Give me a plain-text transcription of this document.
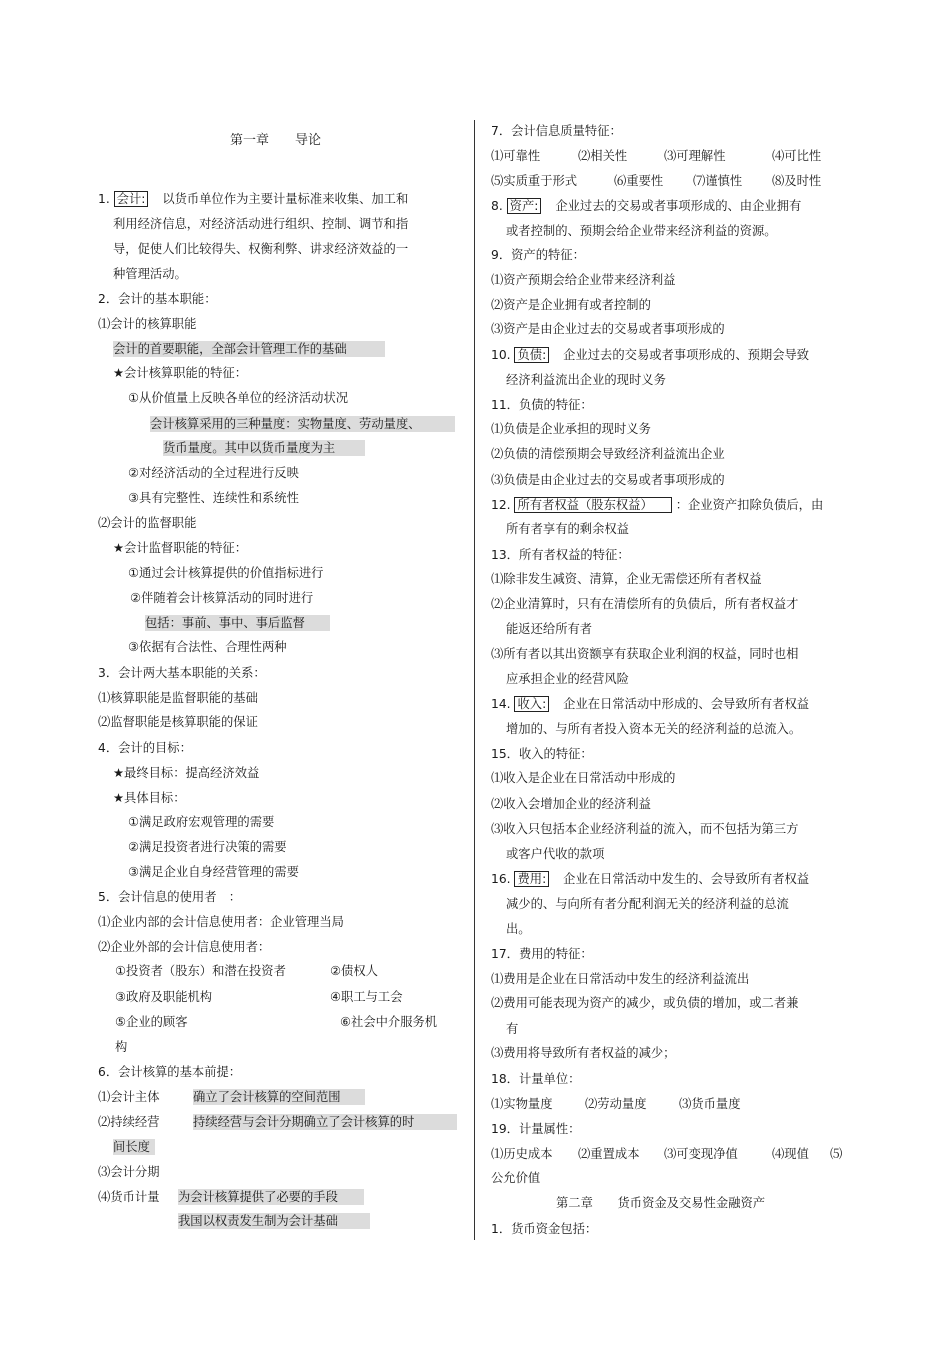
第一章　　导论
1. 会计: 以货币单位作为主要计量标准来收集、加工和
利用经济信息，对经济活动进行组织、控制、调节和指
导，促使人们比较得失、权衡利弊、讲求经济效益的一
种管理活动。
2．会计的基本职能：
⑴会计的核算职能
会计的首要职能，全部会计管理工作的基础
★会计核算职能的特征：
①从价值量上反映各单位的经济活动状况
会计核算采用的三种量度：实物量度、劳动量度、
货币量度。其中以货币量度为主
②对经济活动的全过程进行反映
③具有完整性、连续性和系统性
⑵会计的监督职能
★会计监督职能的特征：
①通过会计核算提供的价值指标进行
②伴随着会计核算活动的同时进行
包括：事前、事中、事后监督
③依据有合法性、合理性两种
3．会计两大基本职能的关系：
⑴核算职能是监督职能的基础
⑵监督职能是核算职能的保证
4．会计的目标：
★最终目标：提高经济效益
★具体目标：
①满足政府宏观管理的需要
②满足投资者进行决策的需要
③满足企业自身经营管理的需要
5．会计信息的使用者　：
⑴企业内部的会计信息使用者：企业管理当局
⑵企业外部的会计信息使用者：
①投资者（股东）和潜在投资者	②债权人
③政府及职能机构	④职工与工会
⑤企业的顾客	⑥社会中介服务机
构
6．会计核算的基本前提：
⑴会计主体	确立了会计核算的空间范围
⑵持续经营	持续经营与会计分期确立了会计核算的时
间长度
⑶会计分期
⑷货币计量 为会计核算提供了必要的手段
我国以权责发生制为会计基础
7．会计信息质量特征：
⑴可靠性	⑵相关性	⑶可理解性	⑷可比性
⑸实质重于形式	⑹重要性 ⑺谨慎性 ⑻及时性
8. 资产: 企业过去的交易或者事项形成的、由企业拥有
或者控制的、预期会给企业带来经济利益的资源。
9．资产的特征：
⑴资产预期会给企业带来经济利益
⑵资产是企业拥有或者控制的
⑶资产是由企业过去的交易或者事项形成的
10. 负债: 企业过去的交易或者事项形成的、预期会导致
经济利益流出企业的现时义务
11．负债的特征：
⑴负债是企业承担的现时义务
⑵负债的清偿预期会导致经济利益流出企业
⑶负债是由企业过去的交易或者事项形成的
12. 所有者权益（股东权益） ：企业资产扣除负债后，由
所有者享有的剩余权益
13．所有者权益的特征：
⑴除非发生减资、清算，企业无需偿还所有者权益
⑵企业清算时，只有在清偿所有的负债后，所有者权益才
能返还给所有者
⑶所有者以其出资额享有获取企业利润的权益，同时也相
应承担企业的经营风险
14. 收入: 企业在日常活动中形成的、会导致所有者权益
增加的、与所有者投入资本无关的经济利益的总流入。
15．收入的特征：
⑴收入是企业在日常活动中形成的
⑵收入会增加企业的经济利益
⑶收入只包括本企业经济利益的流入，而不包括为第三方
或客户代收的款项
16. 费用: 企业在日常活动中发生的、会导致所有者权益
减少的、与向所有者分配利润无关的经济利益的总流
出。
17．费用的特征：
⑴费用是企业在日常活动中发生的经济利益流出
⑵费用可能表现为资产的减少，或负债的增加，或二者兼
有
⑶费用将导致所有者权益的减少；
18．计量单位：
⑴实物量度	⑵劳动量度	⑶货币量度
19．计量属性：
⑴历史成本 ⑵重置成本 ⑶可变现净值	⑷现值 ⑸
公允价值
第二章　　货币资金及交易性金融资产
1．货币资金包括：
